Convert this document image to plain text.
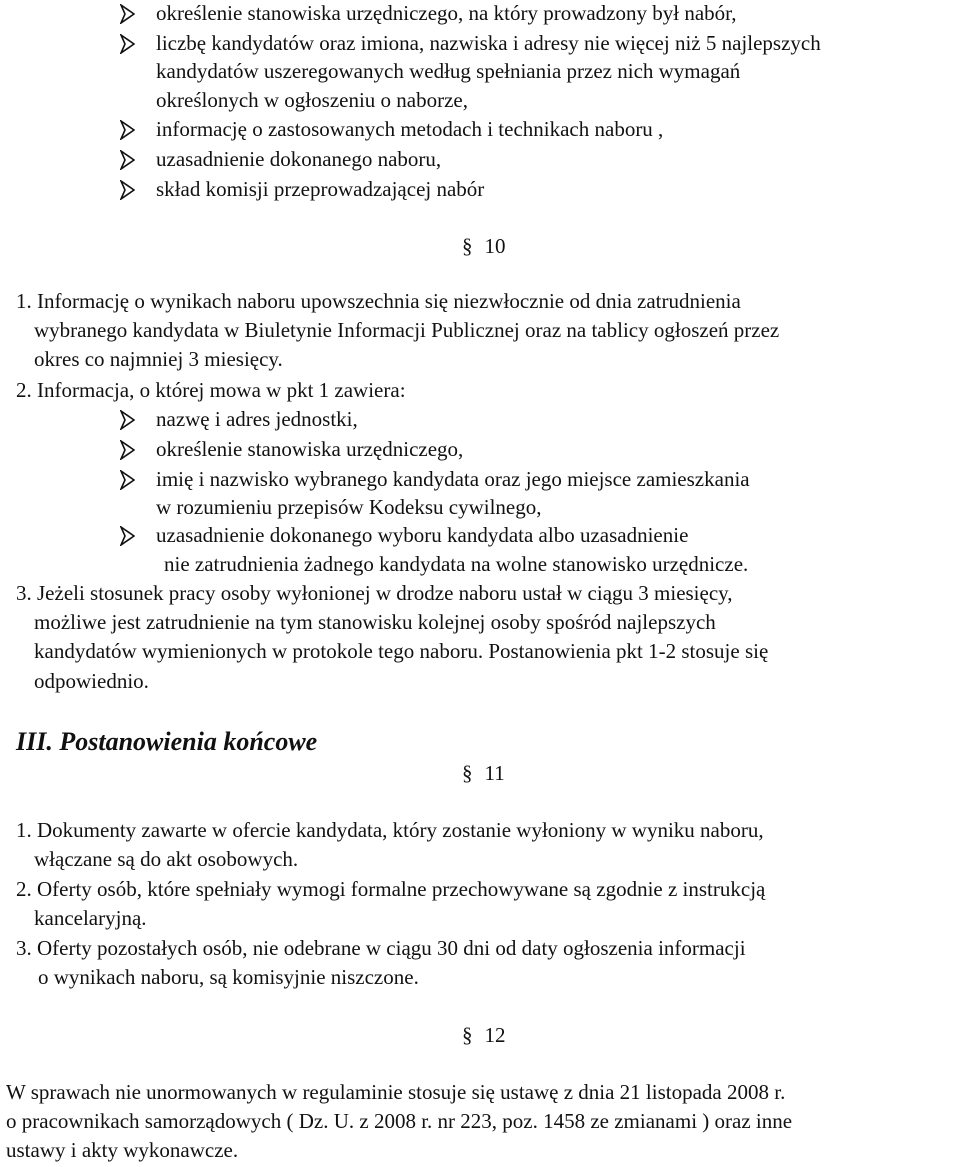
określenie stanowiska urzędniczego, na który prowadzony był nabór,
liczbę kandydatów oraz imiona, nazwiska i adresy nie więcej niż 5 najlepszych
kandydatów uszeregowanych według spełniania przez nich wymagań
określonych w ogłoszeniu o naborze,
informację o zastosowanych metodach i technikach naboru ,
uzasadnienie dokonanego naboru,
skład komisji przeprowadzającej nabór
§ 10
1. Informację o wynikach naboru upowszechnia się niezwłocznie od dnia zatrudnienia
wybranego kandydata w Biuletynie Informacji Publicznej oraz na tablicy ogłoszeń przez
okres co najmniej 3 miesięcy.
2. Informacja, o której mowa w pkt 1 zawiera:
nazwę i adres jednostki,
określenie stanowiska urzędniczego,
imię i nazwisko wybranego kandydata oraz jego miejsce zamieszkania
w rozumieniu przepisów Kodeksu cywilnego,
uzasadnienie dokonanego wyboru kandydata albo uzasadnienie
nie zatrudnienia żadnego kandydata na wolne stanowisko urzędnicze.
3. Jeżeli stosunek pracy osoby wyłonionej w drodze naboru ustał w ciągu 3 miesięcy,
możliwe jest zatrudnienie na tym stanowisku kolejnej osoby spośród najlepszych
kandydatów wymienionych w protokole tego naboru. Postanowienia pkt 1-2 stosuje się
odpowiednio.
III. Postanowienia końcowe
§ 11
1. Dokumenty zawarte w ofercie kandydata, który zostanie wyłoniony w wyniku naboru,
włączane są do akt osobowych.
2. Oferty osób, które spełniały wymogi formalne przechowywane są zgodnie z instrukcją
kancelaryjną.
3. Oferty pozostałych osób, nie odebrane w ciągu 30 dni od daty ogłoszenia informacji
o wynikach naboru, są komisyjnie niszczone.
§ 12
W sprawach nie unormowanych w regulaminie stosuje się ustawę z dnia 21 listopada 2008 r.
o pracownikach samorządowych ( Dz. U. z 2008 r. nr 223, poz. 1458 ze zmianami ) oraz inne
ustawy i akty wykonawcze.
